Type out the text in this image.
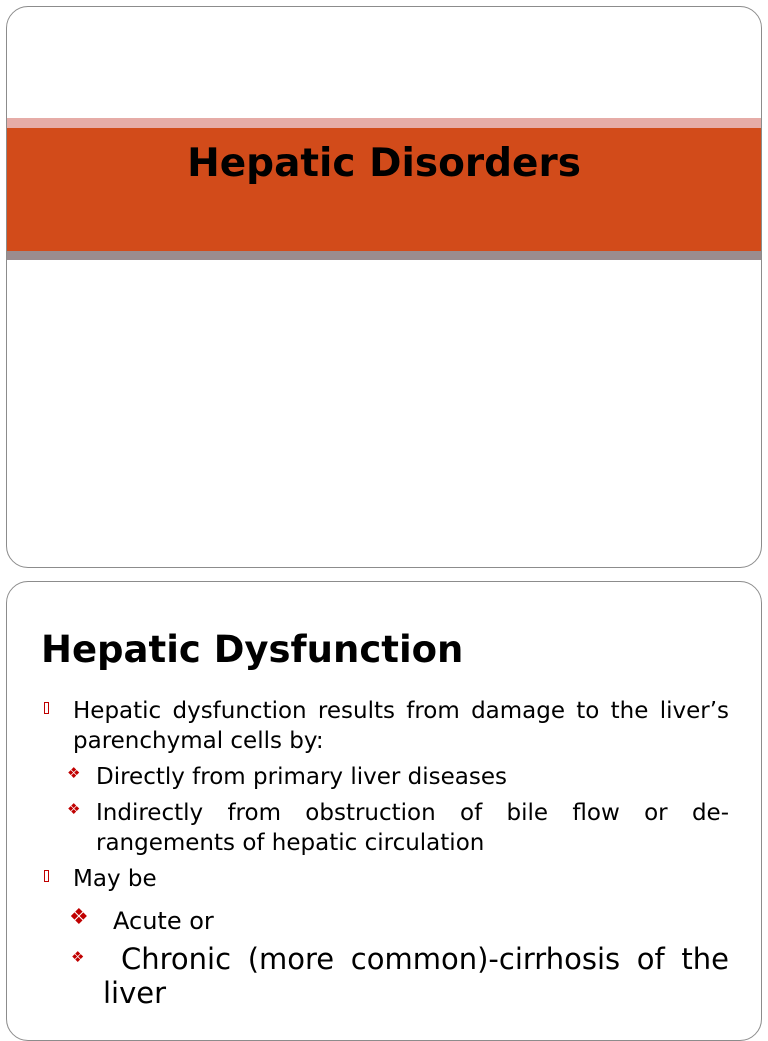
Hepatic Disorders
Hepatic Dysfunction
Hepatic dysfunction results from damage to the liver’s parenchymal cells by:
❖ Directly from primary liver diseases
❖ Indirectly from obstruction of bile flow or de-rangements of hepatic circulation
May be
❖ Acute or
❖ Chronic (more common)-cirrhosis of the liver
